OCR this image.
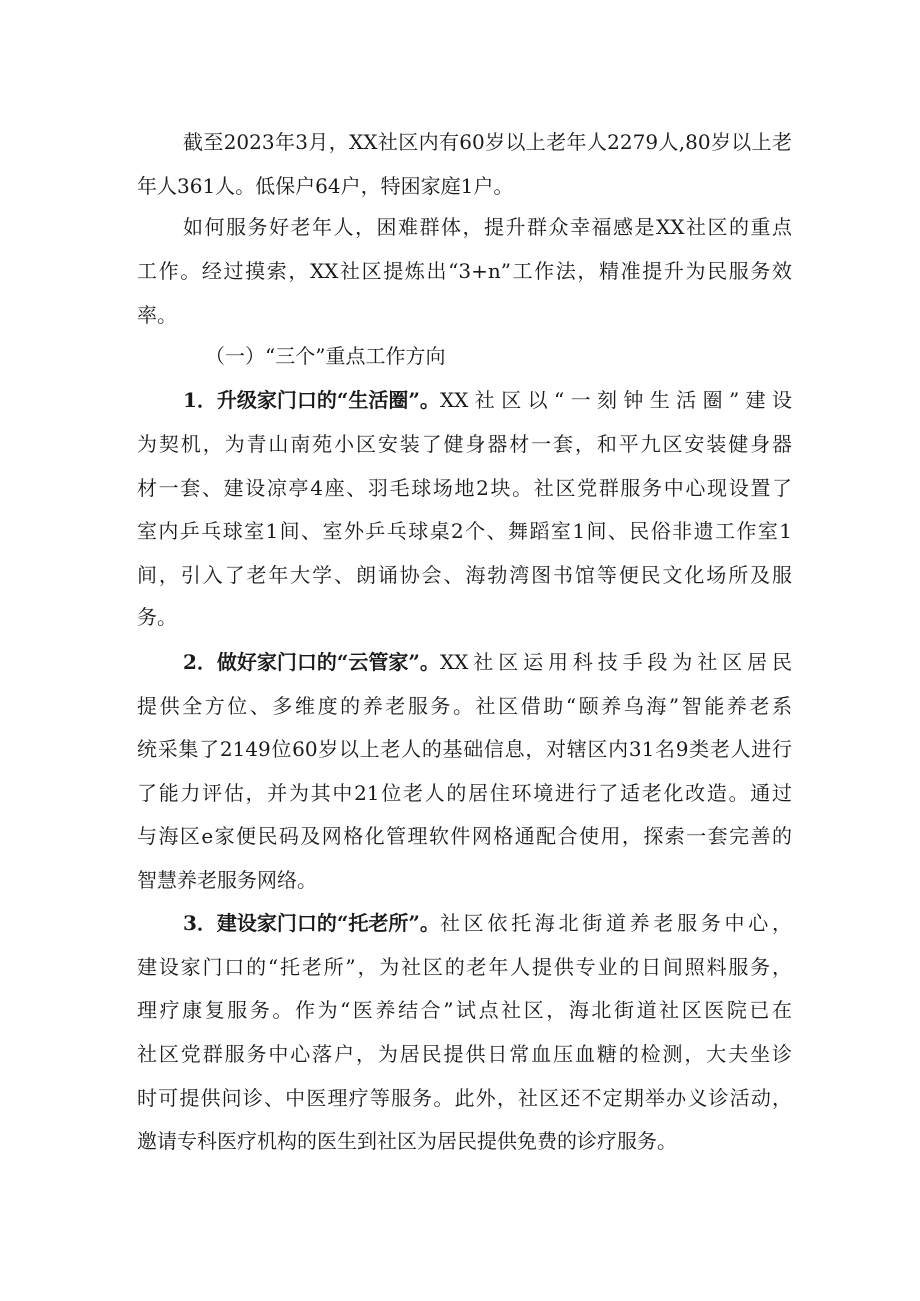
截至2023年3月，XX社区内有60岁以上老年人2279人,80岁以上老
年人361人。低保户64户，特困家庭1户。
如何服务好老年人，困难群体，提升群众幸福感是XX社区的重点
工作。经过摸索，XX社区提炼出“3+n”工作法，精准提升为民服务效
率。
（一）“三个”重点工作方向
1．升级家门口的“生活圈”。 XX社区以“一刻钟生活圈”建设
为契机，为青山南苑小区安装了健身器材一套，和平九区安装健身器
材一套、建设凉亭4座、羽毛球场地2块。社区党群服务中心现设置了
室内乒乓球室1间、室外乒乓球桌2个、舞蹈室1间、民俗非遗工作室1
间，引入了老年大学、朗诵协会、海勃湾图书馆等便民文化场所及服
务。
2．做好家门口的“云管家”。 XX社区运用科技手段为社区居民
提供全方位、多维度的养老服务。社区借助“颐养乌海”智能养老系
统采集了2149位60岁以上老人的基础信息，对辖区内31名9类老人进行
了能力评估，并为其中21位老人的居住环境进行了适老化改造。通过
与海区e家便民码及网格化管理软件网格通配合使用，探索一套完善的
智慧养老服务网络。
3．建设家门口的“托老所”。 社区依托海北街道养老服务中心，
建设家门口的“托老所”，为社区的老年人提供专业的日间照料服务，
理疗康复服务。作为“医养结合”试点社区，海北街道社区医院已在
社区党群服务中心落户，为居民提供日常血压血糖的检测，大夫坐诊
时可提供问诊、中医理疗等服务。此外，社区还不定期举办义诊活动，
邀请专科医疗机构的医生到社区为居民提供免费的诊疗服务。
